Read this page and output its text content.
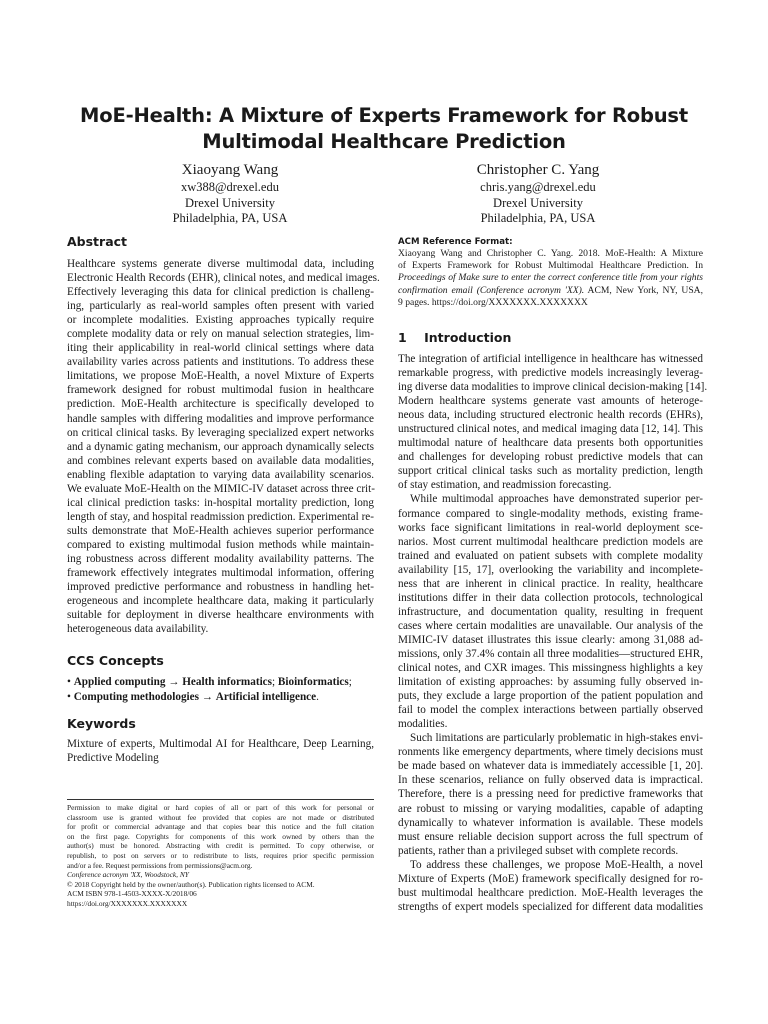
MoE-Health: A Mixture of Experts Framework for Robust
Multimodal Healthcare Prediction
Xiaoyang Wang
xw388@drexel.edu
Drexel University
Philadelphia, PA, USA
Christopher C. Yang
chris.yang@drexel.edu
Drexel University
Philadelphia, PA, USA
Abstract
Healthcare systems generate diverse multimodal data, including
Electronic Health Records (EHR), clinical notes, and medical images.
Effectively leveraging this data for clinical prediction is challeng-
ing, particularly as real-world samples often present with varied
or incomplete modalities. Existing approaches typically require
complete modality data or rely on manual selection strategies, lim-
iting their applicability in real-world clinical settings where data
availability varies across patients and institutions. To address these
limitations, we propose MoE-Health, a novel Mixture of Experts
framework designed for robust multimodal fusion in healthcare
prediction. MoE-Health architecture is specifically developed to
handle samples with differing modalities and improve performance
on critical clinical tasks. By leveraging specialized expert networks
and a dynamic gating mechanism, our approach dynamically selects
and combines relevant experts based on available data modalities,
enabling flexible adaptation to varying data availability scenarios.
We evaluate MoE-Health on the MIMIC-IV dataset across three crit-
ical clinical prediction tasks: in-hospital mortality prediction, long
length of stay, and hospital readmission prediction. Experimental re-
sults demonstrate that MoE-Health achieves superior performance
compared to existing multimodal fusion methods while maintain-
ing robustness across different modality availability patterns. The
framework effectively integrates multimodal information, offering
improved predictive performance and robustness in handling het-
erogeneous and incomplete healthcare data, making it particularly
suitable for deployment in diverse healthcare environments with
heterogeneous data availability.
CCS Concepts
• Applied computing → Health informatics; Bioinformatics;
• Computing methodologies → Artificial intelligence.
Keywords
Mixture of experts, Multimodal AI for Healthcare, Deep Learning,
Predictive Modeling
Permission to make digital or hard copies of all or part of this work for personal or
classroom use is granted without fee provided that copies are not made or distributed
for profit or commercial advantage and that copies bear this notice and the full citation
on the first page. Copyrights for components of this work owned by others than the
author(s) must be honored. Abstracting with credit is permitted. To copy otherwise, or
republish, to post on servers or to redistribute to lists, requires prior specific permission
and/or a fee. Request permissions from permissions@acm.org.
Conference acronym 'XX, Woodstock, NY
© 2018 Copyright held by the owner/author(s). Publication rights licensed to ACM.
ACM ISBN 978-1-4503-XXXX-X/2018/06
https://doi.org/XXXXXXX.XXXXXXX
ACM Reference Format:
Xiaoyang Wang and Christopher C. Yang. 2018. MoE-Health: A Mixture
of Experts Framework for Robust Multimodal Healthcare Prediction. In
Proceedings of Make sure to enter the correct conference title from your rights
confirmation email (Conference acronym 'XX). ACM, New York, NY, USA,
9 pages. https://doi.org/XXXXXXX.XXXXXXX
1 Introduction
The integration of artificial intelligence in healthcare has witnessed
remarkable progress, with predictive models increasingly leverag-
ing diverse data modalities to improve clinical decision-making [14].
Modern healthcare systems generate vast amounts of heteroge-
neous data, including structured electronic health records (EHRs),
unstructured clinical notes, and medical imaging data [12, 14]. This
multimodal nature of healthcare data presents both opportunities
and challenges for developing robust predictive models that can
support critical clinical tasks such as mortality prediction, length
of stay estimation, and readmission forecasting.
While multimodal approaches have demonstrated superior per-
formance compared to single-modality methods, existing frame-
works face significant limitations in real-world deployment sce-
narios. Most current multimodal healthcare prediction models are
trained and evaluated on patient subsets with complete modality
availability [15, 17], overlooking the variability and incomplete-
ness that are inherent in clinical practice. In reality, healthcare
institutions differ in their data collection protocols, technological
infrastructure, and documentation quality, resulting in frequent
cases where certain modalities are unavailable. Our analysis of the
MIMIC-IV dataset illustrates this issue clearly: among 31,088 ad-
missions, only 37.4% contain all three modalities—structured EHR,
clinical notes, and CXR images. This missingness highlights a key
limitation of existing approaches: by assuming fully observed in-
puts, they exclude a large proportion of the patient population and
fail to model the complex interactions between partially observed
modalities.
Such limitations are particularly problematic in high-stakes envi-
ronments like emergency departments, where timely decisions must
be made based on whatever data is immediately accessible [1, 20].
In these scenarios, reliance on fully observed data is impractical.
Therefore, there is a pressing need for predictive frameworks that
are robust to missing or varying modalities, capable of adapting
dynamically to whatever information is available. These models
must ensure reliable decision support across the full spectrum of
patients, rather than a privileged subset with complete records.
To address these challenges, we propose MoE-Health, a novel
Mixture of Experts (MoE) framework specifically designed for ro-
bust multimodal healthcare prediction. MoE-Health leverages the
strengths of expert models specialized for different data modalities
